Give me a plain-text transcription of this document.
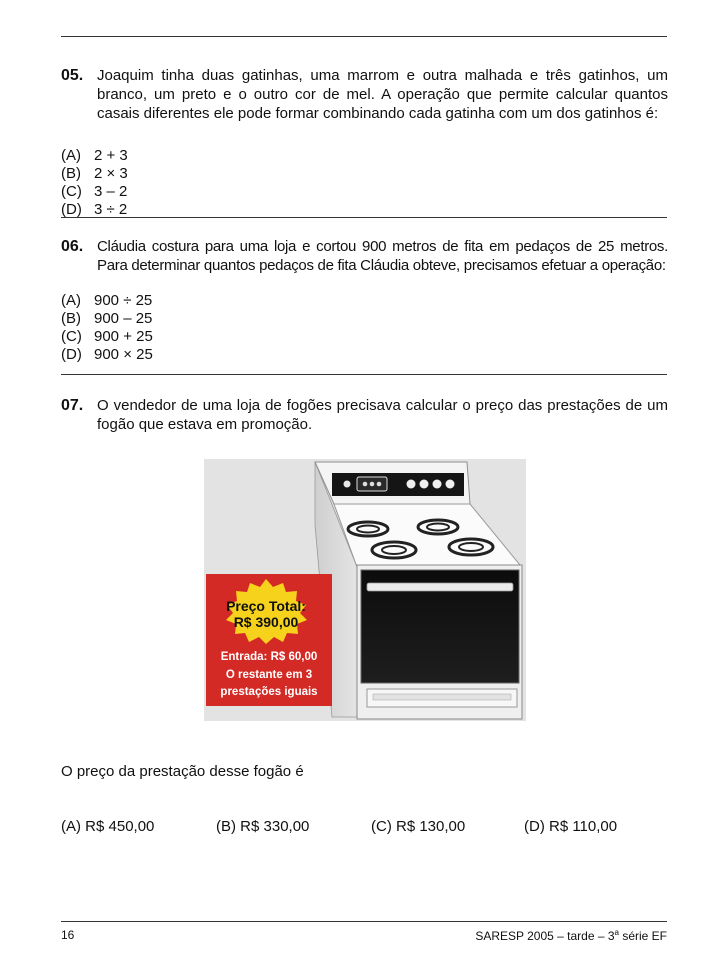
05. Joaquim tinha duas gatinhas, uma marrom e outra malhada e três gatinhos, um branco, um preto e o outro cor de mel. A operação que permite calcular quantos casais diferentes ele pode formar combinando cada gatinha com um dos gatinhos é:
(A) 2 + 3
(B) 2 × 3
(C) 3 – 2
(D) 3 ÷ 2
06. Cláudia costura para uma loja e cortou 900 metros de fita em pedaços de 25 metros. Para determinar quantos pedaços de fita Cláudia obteve, precisamos efetuar a operação:
(A) 900 ÷ 25
(B) 900 – 25
(C) 900 + 25
(D) 900 × 25
07. O vendedor de uma loja de fogões precisava calcular o preço das prestações de um fogão que estava em promoção.
Preço Total:
R$ 390,00
Entrada: R$ 60,00
O restante em 3
prestações iguais
O preço da prestação desse fogão é
(A) R$ 450,00	(B) R$ 330,00	(C) R$ 130,00	(D) R$ 110,00
16	SARESP 2005 – tarde – 3$^a$ série EF
